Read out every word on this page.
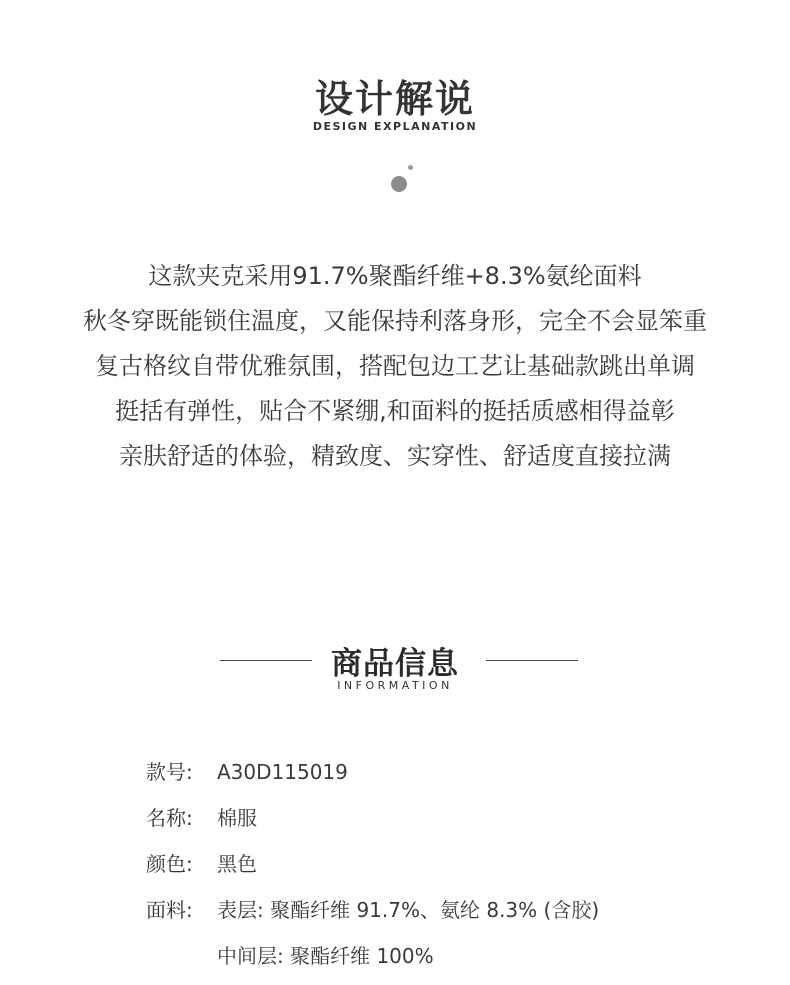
设计解说
DESIGN EXPLANATION
这款夹克采用91.7%聚酯纤维+8.3%氨纶面料
秋冬穿既能锁住温度，又能保持利落身形，完全不会显笨重
复古格纹自带优雅氛围，搭配包边工艺让基础款跳出单调
挺括有弹性，贴合不紧绷,和面料的挺括质感相得益彰
亲肤舒适的体验，精致度、实穿性、舒适度直接拉满
商品信息
INFORMATION
款号: A30D115019
名称: 棉服
颜色: 黑色
面料: 表层: 聚酯纤维 91.7%、氨纶 8.3% (含胶)
中间层: 聚酯纤维 100%
